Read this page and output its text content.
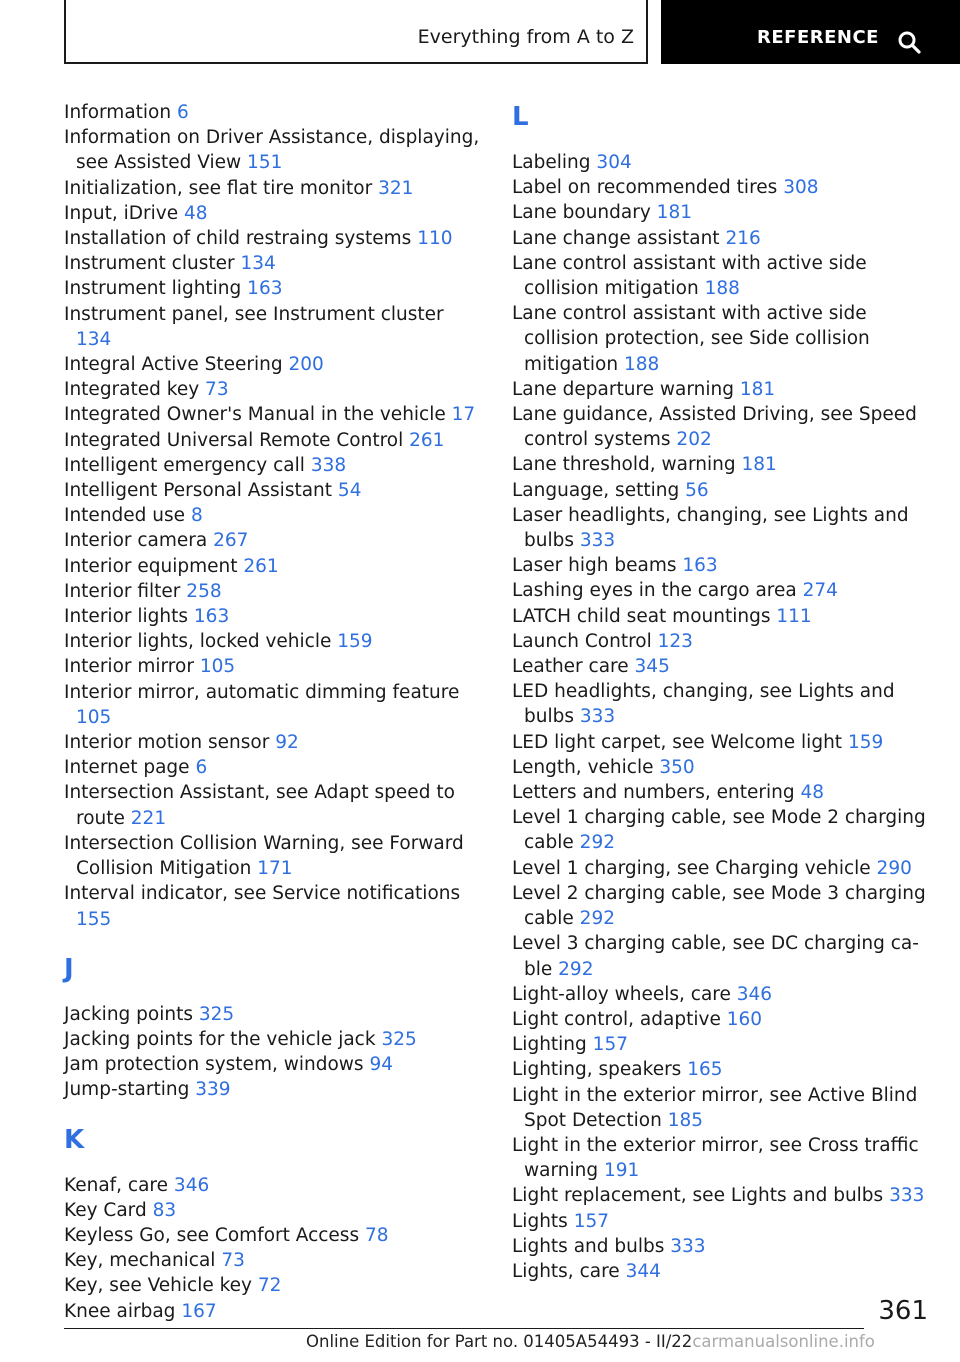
Everything from A to Z	REFERENCE
Information 6
Information on Driver Assistance, displaying, see Assisted View 151
Initialization, see flat tire monitor 321
Input, iDrive 48
Installation of child restraing systems 110
Instrument cluster 134
Instrument lighting 163
Instrument panel, see Instrument cluster 134
Integral Active Steering 200
Integrated key 73
Integrated Owner's Manual in the vehicle 17
Integrated Universal Remote Control 261
Intelligent emergency call 338
Intelligent Personal Assistant 54
Intended use 8
Interior camera 267
Interior equipment 261
Interior filter 258
Interior lights 163
Interior lights, locked vehicle 159
Interior mirror 105
Interior mirror, automatic dimming feature 105
Interior motion sensor 92
Internet page 6
Intersection Assistant, see Adapt speed to route 221
Intersection Collision Warning, see Forward Collision Mitigation 171
Interval indicator, see Service notifications 155
J
Jacking points 325
Jacking points for the vehicle jack 325
Jam protection system, windows 94
Jump-starting 339
K
Kenaf, care 346
Key Card 83
Keyless Go, see Comfort Access 78
Key, mechanical 73
Key, see Vehicle key 72
Knee airbag 167
L
Labeling 304
Label on recommended tires 308
Lane boundary 181
Lane change assistant 216
Lane control assistant with active side collision mitigation 188
Lane control assistant with active side collision protection, see Side collision mitigation 188
Lane departure warning 181
Lane guidance, Assisted Driving, see Speed control systems 202
Lane threshold, warning 181
Language, setting 56
Laser headlights, changing, see Lights and bulbs 333
Laser high beams 163
Lashing eyes in the cargo area 274
LATCH child seat mountings 111
Launch Control 123
Leather care 345
LED headlights, changing, see Lights and bulbs 333
LED light carpet, see Welcome light 159
Length, vehicle 350
Letters and numbers, entering 48
Level 1 charging cable, see Mode 2 charging cable 292
Level 1 charging, see Charging vehicle 290
Level 2 charging cable, see Mode 3 charging cable 292
Level 3 charging cable, see DC charging ca-ble 292
Light-alloy wheels, care 346
Light control, adaptive 160
Lighting 157
Lighting, speakers 165
Light in the exterior mirror, see Active Blind Spot Detection 185
Light in the exterior mirror, see Cross traffic warning 191
Light replacement, see Lights and bulbs 333
Lights 157
Lights and bulbs 333
Lights, care 344
361
Online Edition for Part no. 01405A54493 - II/22carmanualsonline.info
